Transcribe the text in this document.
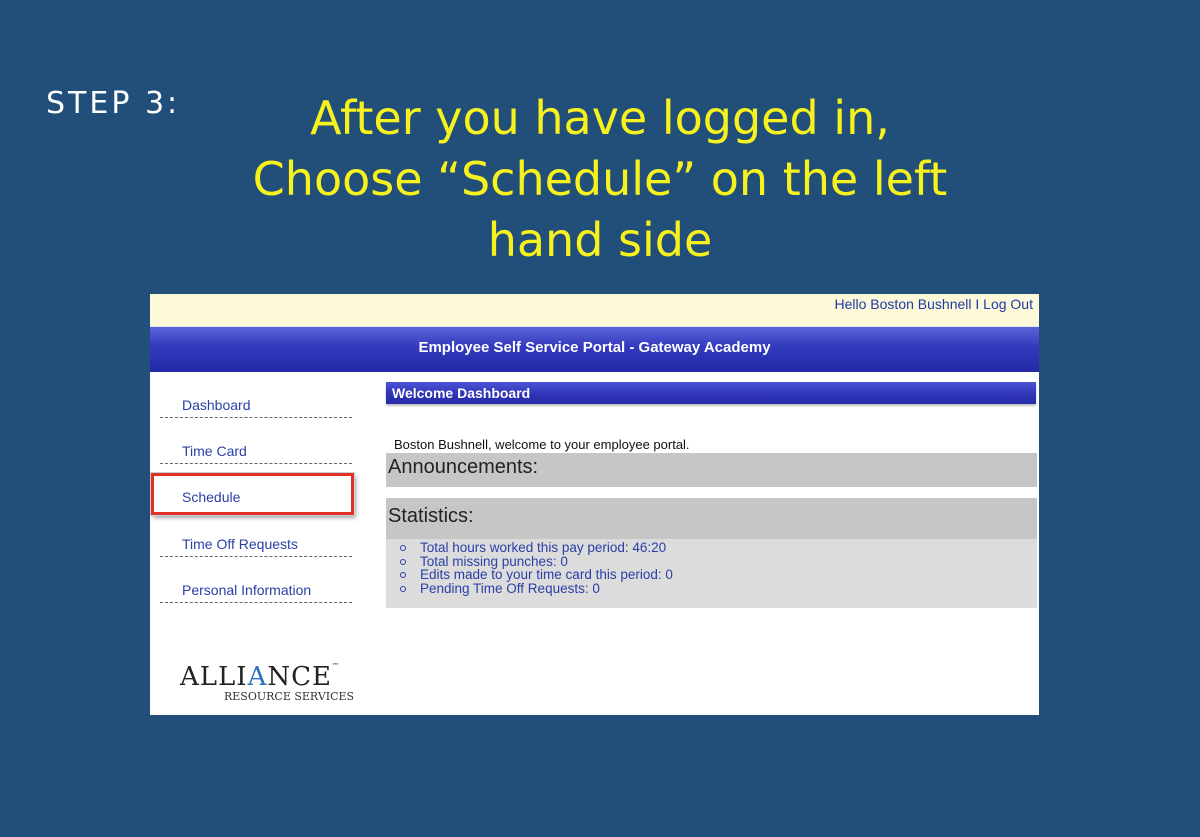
STEP 3:	After you have logged in,
Choose “Schedule” on the left
hand side
Hello Boston Bushnell I Log Out
Employee Self Service Portal - Gateway Academy
Dashboard
Time Card
Schedule
Time Off Requests
Personal Information
ALLIANCE™
RESOURCE SERVICES
Welcome Dashboard
Boston Bushnell, welcome to your employee portal.
Announcements:
Statistics:
Total hours worked this pay period: 46:20
Total missing punches: 0
Edits made to your time card this period: 0
Pending Time Off Requests: 0
